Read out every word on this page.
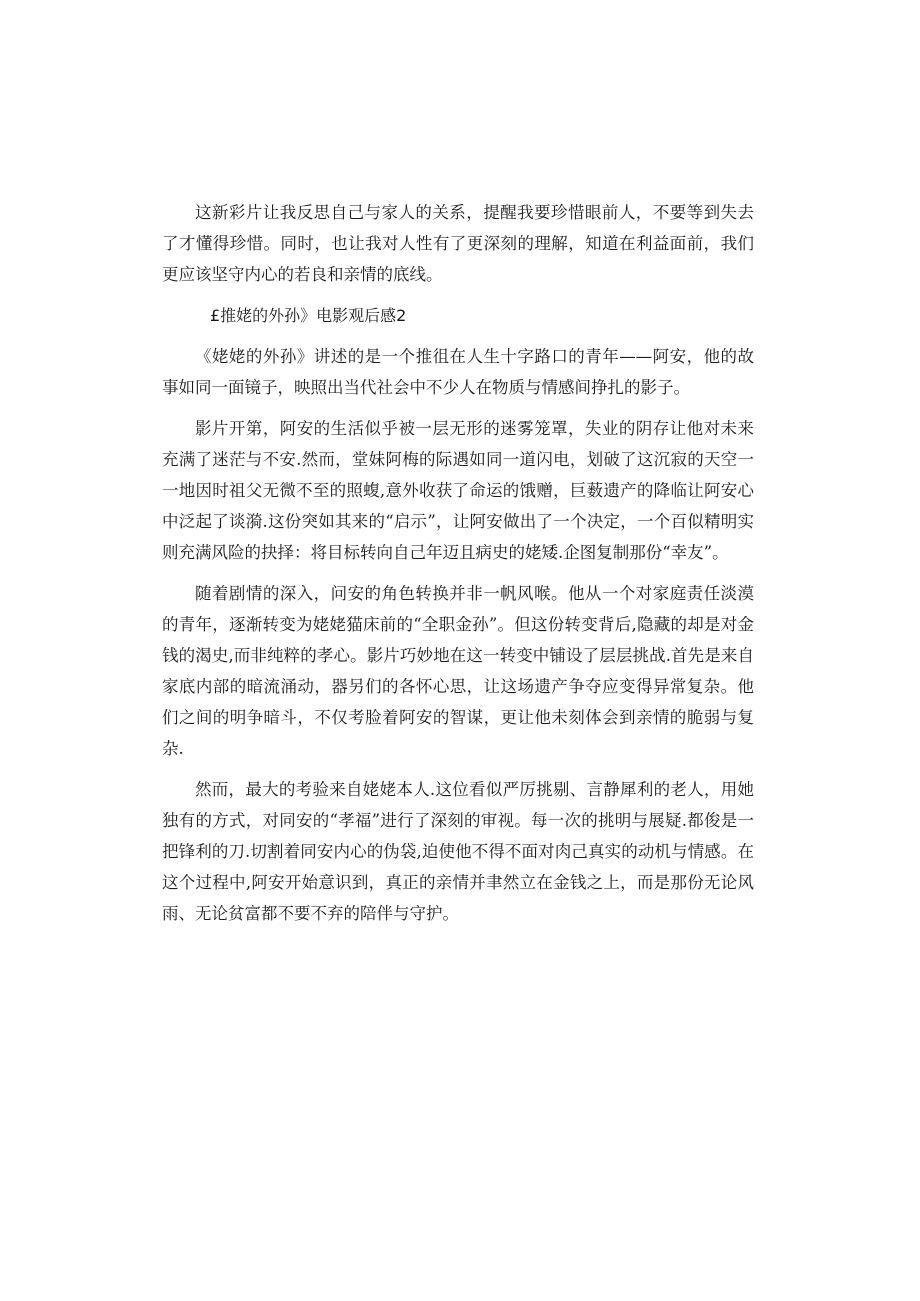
这新彩片让我反思自己与家人的关系，提醒我要珍惜眼前人，不要等到失去了才懂得珍惜。同时，也让我对人性有了更深刻的理解，知道在利益面前，我们更应该坚守内心的若良和亲情的底线。

£推姥的外孙》电影观后感2

《姥姥的外孙》讲述的是一个推徂在人生十字路口的青年——阿安，他的故事如同一面镜子，映照出当代社会中不少人在物质与情感间挣扎的影子。

影片开第，阿安的生活似乎被一层无形的迷雾笼罩，失业的阴存让他对未来充满了迷茫与不安.然而，堂妹阿梅的际遇如同一道闪电，划破了这沉寂的天空一一地因时祖父无微不至的照蝮,意外收获了命运的饿赠，巨薮遗产的降临让阿安心中泛起了谈漪.这份突如其来的“启示”，让阿安做出了一个决定，一个百似精明实则充满风险的抉择：将目标转向自己年迈且病史的姥矮.企图复制那份“幸友”。

随着剧情的深入，问安的角色转换并非一帆风喉。他从一个对家庭责任淡漠的青年，逐渐转变为姥姥猫床前的“全职金孙”。但这份转变背后,隐藏的却是对金钱的渴史,而非纯粹的孝心。影片巧妙地在这一转变中铺设了层层挑战.首先是来自家底内部的暗流涌动，器另们的各怀心思，让这场遗产争夺应变得异常复杂。他们之间的明争暗斗，不仅考脸着阿安的智谋，更让他未刻体会到亲情的脆弱与复杂.

然而，最大的考验来自姥姥本人.这位看似严厉挑剔、言静犀利的老人，用她独有的方式，对同安的“孝福”进行了深刻的审视。每一次的挑明与展疑.都俊是一把锋利的刀.切割着同安内心的伪袋,迫使他不得不面对肉己真实的动机与情感。在这个过程中,阿安开始意识到，真正的亲情并聿然立在金钱之上，而是那份无论风雨、无论贫富都不要不弃的陪伴与守护。
